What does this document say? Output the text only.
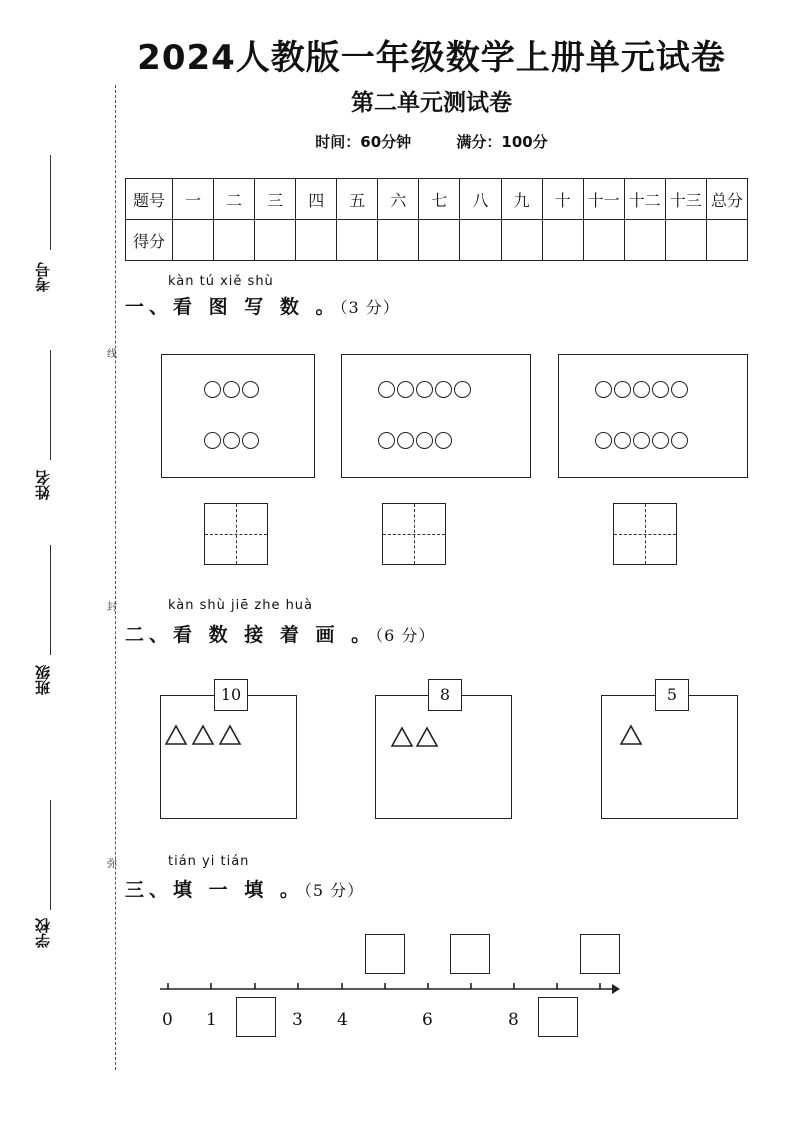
2024人教版一年级数学上册单元试卷
第二单元测试卷
时间：60分钟	满分：100分
题号	一	二	三	四	五	六	七	八	九	十	十一	十二	十三	总分
得分														
线
封
弥
考号
姓名
班级
学校
kàn tú xiě shù
一、看 图 写 数 。（3 分）
kàn shù jiē zhe huà
二、看 数 接 着 画 。（6 分）
10	8	5
tián yi tián
三、填 一 填 。（5 分）
0 1	3 4	6	8
